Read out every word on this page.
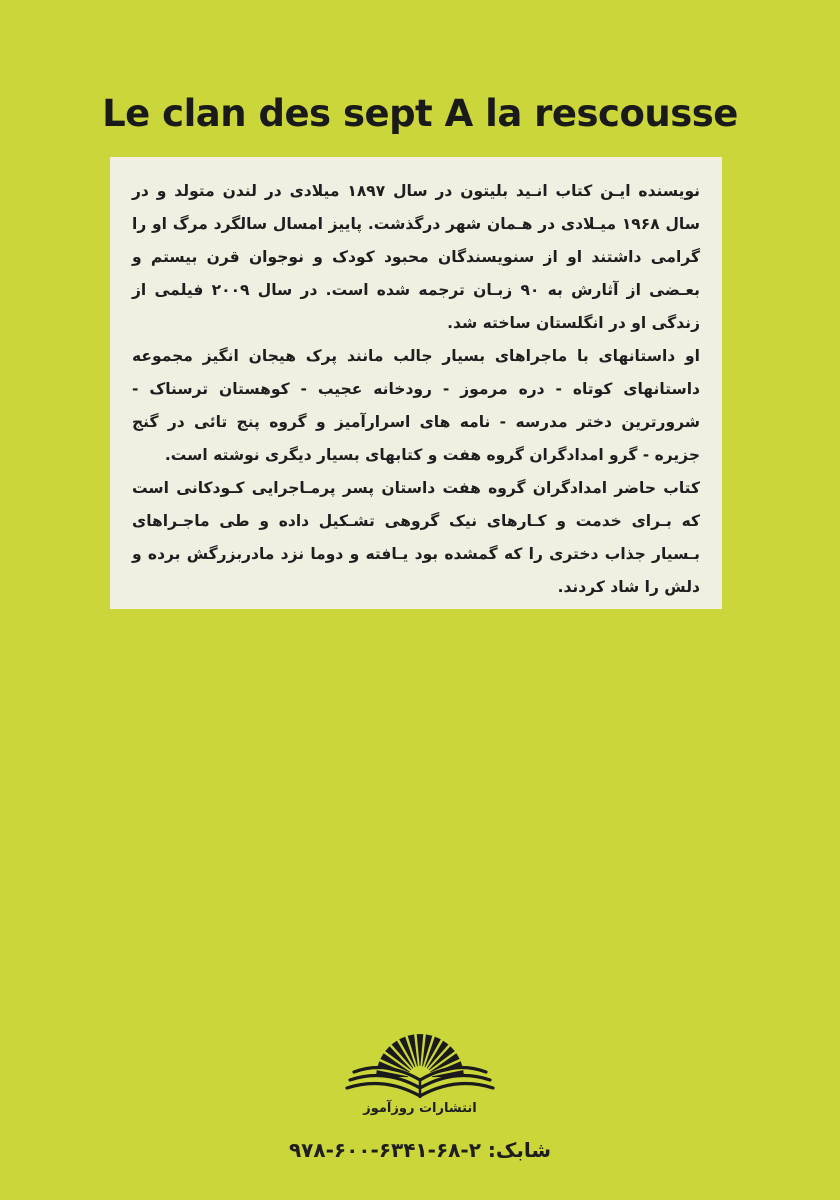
Le clan des sept A la rescousse

نویسنده ایـن کتاب انـید بلیتون در سال ۱۸۹۷ میلادی در لندن متولد و در سال ۱۹۶۸ میـلادی در هـمان شهر درگذشت. پاییز امسال سالگرد مرگ او را گرامی داشتند او از سنویسندگان محبود کودک و نوجوان قرن بیستم و بعـضی از آثارش به ۹۰ زبـان ترجمه شده است. در سال ۲۰۰۹ فیلمی از زندگی او در انگلستان ساخته شد.

او داستانهای با ماجراهای بسیار جالب مانند پرک هیجان انگیز مجموعه داستانهای کوتاه - دره مرموز - رودخانه عجیب - کوهستان ترسناک - شرورترین دختر مدرسه - نامه های اسرارآمیز و گروه پنج تائی در گنج جزیره - گرو امدادگران گروه هفت و کتابهای بسیار دیگری نوشته است.

کتاب حاضر امدادگران گروه هفت داستان پسر پرمـاجرایی کـودکانی است که بـرای خدمت و کـارهای نیک گروهی تشـکیل داده و طی ماجـراهای بـسیار جذاب دختری را که گمشده بود یـافته و دوما نزد مادربزرگش برده و دلش را شاد کردند.

انتشارات روزآموز
شابک: ۲-۶۸-۶۳۴۱-۶۰۰-۹۷۸
